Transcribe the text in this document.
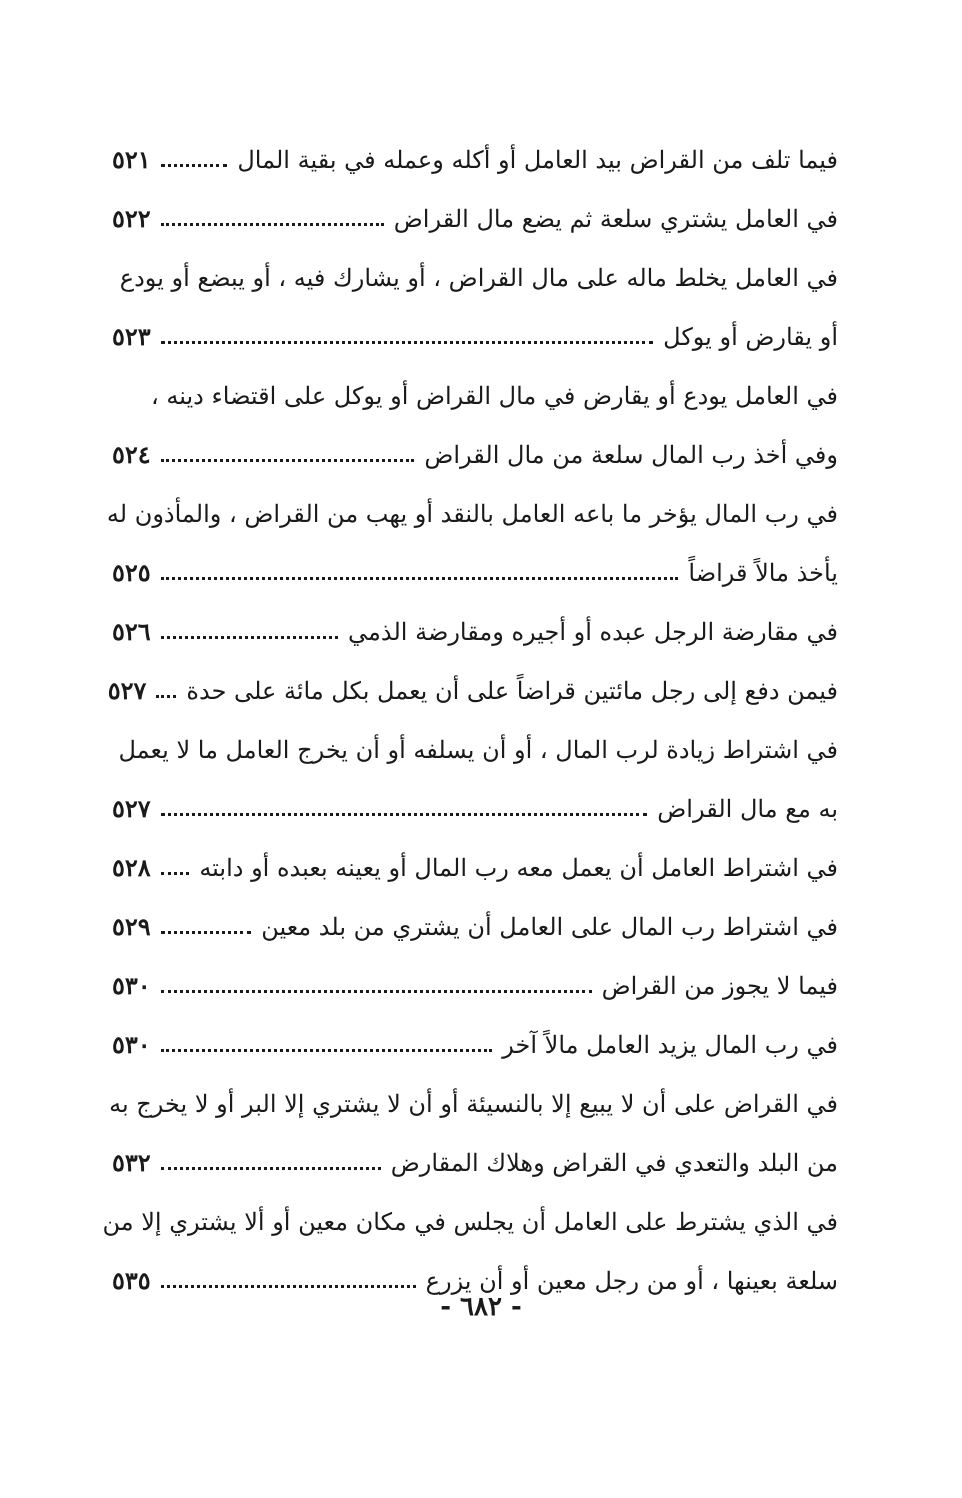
فيما تلف من القراض بيد العامل أو أكله وعمله في بقية المال
٥٢١
في العامل يشتري سلعة ثم يضع مال القراض
٥٢٢
في العامل يخلط ماله على مال القراض ، أو يشارك فيه ، أو يبضع أو يودع
أو يقارض أو يوكل
٥٢٣
في العامل يودع أو يقارض في مال القراض أو يوكل على اقتضاء دينه ،
وفي أخذ رب المال سلعة من مال القراض
٥٢٤
في رب المال يؤخر ما باعه العامل بالنقد أو يهب من القراض ، والمأذون له
يأخذ مالاً قراضاً
٥٢٥
في مقارضة الرجل عبده أو أجيره ومقارضة الذمي
٥٢٦
فيمن دفع إلى رجل مائتين قراضاً على أن يعمل بكل مائة على حدة
٥٢٧
في اشتراط زيادة لرب المال ، أو أن يسلفه أو أن يخرج العامل ما لا يعمل
به مع مال القراض
٥٢٧
في اشتراط العامل أن يعمل معه رب المال أو يعينه بعبده أو دابته
٥٢٨
في اشتراط رب المال على العامل أن يشتري من بلد معين
٥٢٩
فيما لا يجوز من القراض
٥٣٠
في رب المال يزيد العامل مالاً آخر
٥٣٠
في القراض على أن لا يبيع إلا بالنسيئة أو أن لا يشتري إلا البر أو لا يخرج به
من البلد والتعدي في القراض وهلاك المقارض
٥٣٢
في الذي يشترط على العامل أن يجلس في مكان معين أو ألا يشتري إلا من
سلعة بعينها ، أو من رجل معين أو أن يزرع
٥٣٥
- ٦٨٢ -
